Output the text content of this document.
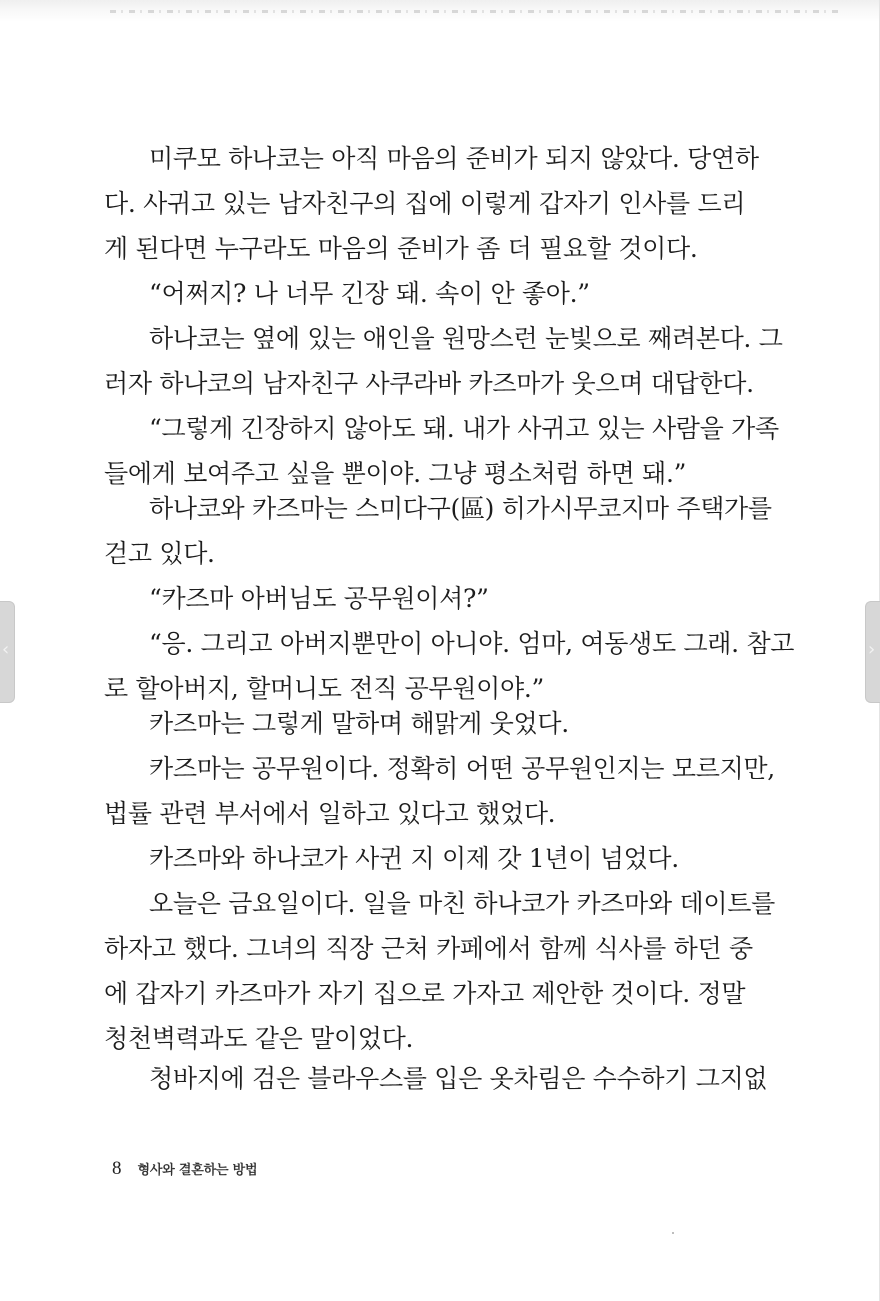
미쿠모 하나코는 아직 마음의 준비가 되지 않았다. 당연하
다. 사귀고 있는 남자친구의 집에 이렇게 갑자기 인사를 드리
게 된다면 누구라도 마음의 준비가 좀 더 필요할 것이다.

“어쩌지? 나 너무 긴장 돼. 속이 안 좋아.”

하나코는 옆에 있는 애인을 원망스런 눈빛으로 째려본다. 그
러자 하나코의 남자친구 사쿠라바 카즈마가 웃으며 대답한다.

“그렇게 긴장하지 않아도 돼. 내가 사귀고 있는 사람을 가족
들에게 보여주고 싶을 뿐이야. 그냥 평소처럼 하면 돼.”

하나코와 카즈마는 스미다구(區) 히가시무코지마 주택가를
걷고 있다.

“카즈마 아버님도 공무원이셔?”

“응. 그리고 아버지뿐만이 아니야. 엄마, 여동생도 그래. 참고
로 할아버지, 할머니도 전직 공무원이야.”

카즈마는 그렇게 말하며 해맑게 웃었다.

카즈마는 공무원이다. 정확히 어떤 공무원인지는 모르지만,
법률 관련 부서에서 일하고 있다고 했었다.

카즈마와 하나코가 사귄 지 이제 갓 1년이 넘었다.

오늘은 금요일이다. 일을 마친 하나코가 카즈마와 데이트를
하자고 했다. 그녀의 직장 근처 카페에서 함께 식사를 하던 중
에 갑자기 카즈마가 자기 집으로 가자고 제안한 것이다. 정말
청천벽력과도 같은 말이었다.

청바지에 검은 블라우스를 입은 옷차림은 수수하기 그지없

8 형사와 결혼하는 방법
‹	›
